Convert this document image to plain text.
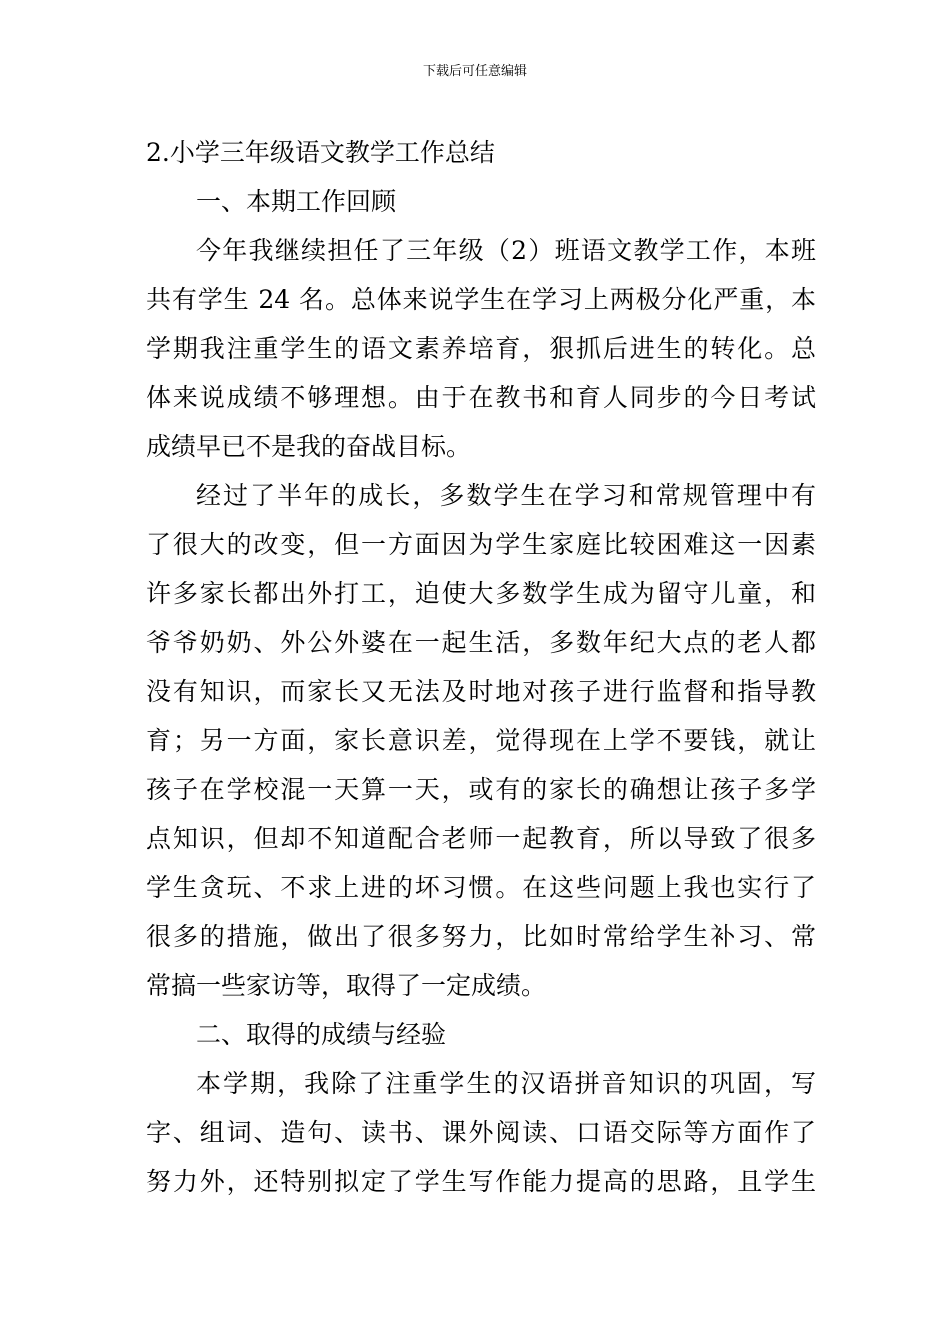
下载后可任意编辑
2.小学三年级语文教学工作总结
一、本期工作回顾
今年我继续担任了三年级（2）班语文教学工作，本班
共有学生 24 名。总体来说学生在学习上两极分化严重，本
学期我注重学生的语文素养培育，狠抓后进生的转化。总
体来说成绩不够理想。由于在教书和育人同步的今日考试
成绩早已不是我的奋战目标。
经过了半年的成长，多数学生在学习和常规管理中有
了很大的改变，但一方面因为学生家庭比较困难这一因素
许多家长都出外打工，迫使大多数学生成为留守儿童，和
爷爷奶奶、外公外婆在一起生活，多数年纪大点的老人都
没有知识，而家长又无法及时地对孩子进行监督和指导教
育；另一方面，家长意识差，觉得现在上学不要钱，就让
孩子在学校混一天算一天，或有的家长的确想让孩子多学
点知识，但却不知道配合老师一起教育，所以导致了很多
学生贪玩、不求上进的坏习惯。在这些问题上我也实行了
很多的措施，做出了很多努力，比如时常给学生补习、常
常搞一些家访等，取得了一定成绩。
二、取得的成绩与经验
本学期，我除了注重学生的汉语拼音知识的巩固，写
字、组词、造句、读书、课外阅读、口语交际等方面作了
努力外，还特别拟定了学生写作能力提高的思路，且学生
